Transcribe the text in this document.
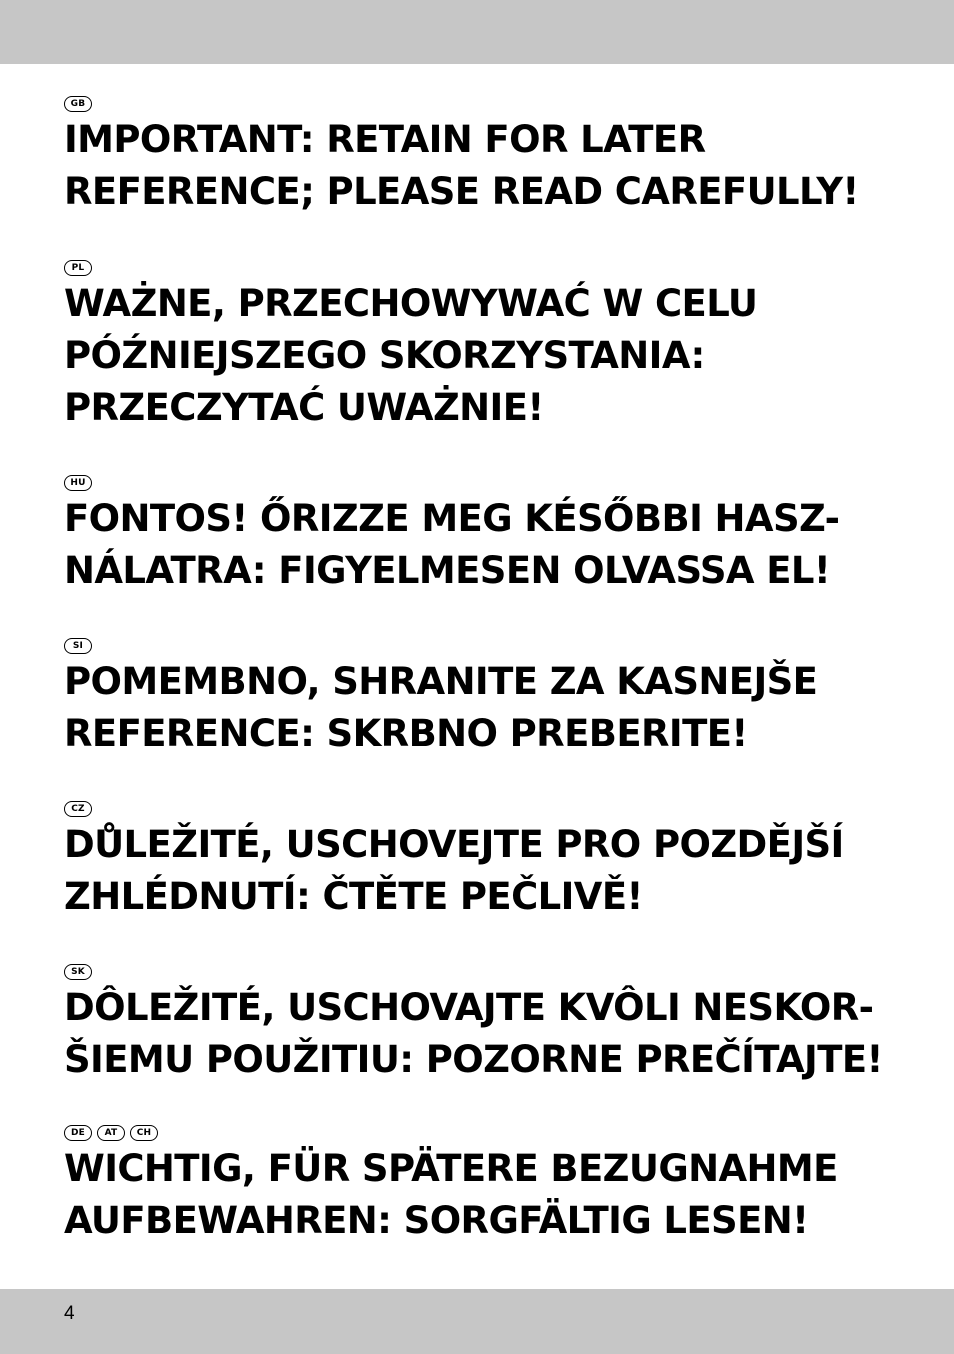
GB
IMPORTANT: RETAIN FOR LATER
REFERENCE; PLEASE READ CAREFULLY!
PL
WAŻNE, PRZECHOWYWAĆ W CELU
PÓŹNIEJSZEGO SKORZYSTANIA:
PRZECZYTAĆ UWAŻNIE!
HU
FONTOS! ŐRIZZE MEG KÉSŐBBI HASZ-
NÁLATRA: FIGYELMESEN OLVASSA EL!
SI
POMEMBNO, SHRANITE ZA KASNEJŠE
REFERENCE: SKRBNO PREBERITE!
CZ
DŮLEŽITÉ, USCHOVEJTE PRO POZDĚJŠÍ
ZHLÉDNUTÍ: ČTĚTE PEČLIVĚ!
SK
DÔLEŽITÉ, USCHOVAJTE KVÔLI NESKOR-
ŠIEMU POUŽITIU: POZORNE PREČÍTAJTE!
DE	AT	CH
WICHTIG, FÜR SPÄTERE BEZUGNAHME
AUFBEWAHREN: SORGFÄLTIG LESEN!
4
